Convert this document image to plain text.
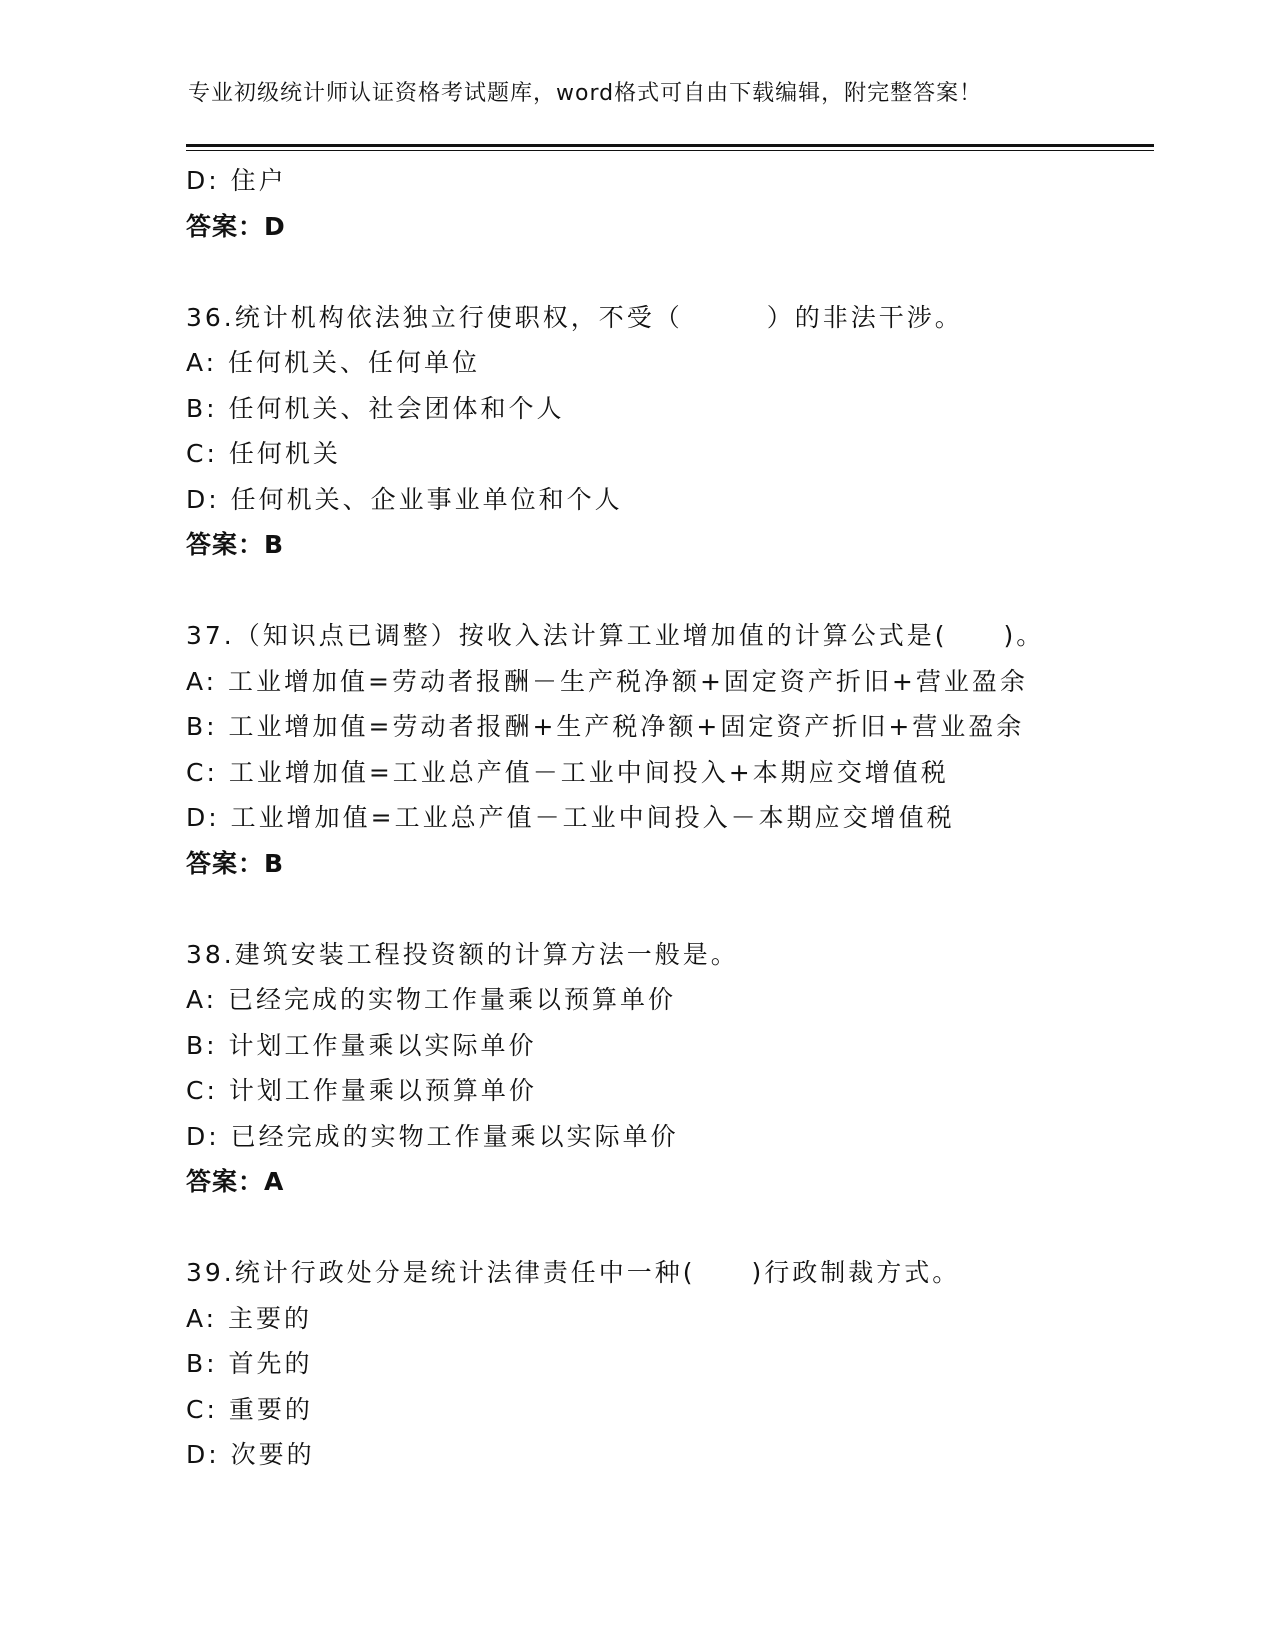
专业初级统计师认证资格考试题库，word格式可自由下载编辑，附完整答案！
D: 住户
答案：D
36.统计机构依法独立行使职权，不受（　　　）的非法干涉。
A: 任何机关、任何单位
B: 任何机关、社会团体和个人
C: 任何机关
D: 任何机关、企业事业单位和个人
答案：B
37.（知识点已调整）按收入法计算工业增加值的计算公式是(　　)。
A: 工业增加值=劳动者报酬－生产税净额+固定资产折旧+营业盈余
B: 工业增加值=劳动者报酬+生产税净额+固定资产折旧+营业盈余
C: 工业增加值=工业总产值－工业中间投入+本期应交增值税
D: 工业增加值=工业总产值－工业中间投入－本期应交增值税
答案：B
38.建筑安装工程投资额的计算方法一般是。
A: 已经完成的实物工作量乘以预算单价
B: 计划工作量乘以实际单价
C: 计划工作量乘以预算单价
D: 已经完成的实物工作量乘以实际单价
答案：A
39.统计行政处分是统计法律责任中一种(　　)行政制裁方式。
A: 主要的
B: 首先的
C: 重要的
D: 次要的
